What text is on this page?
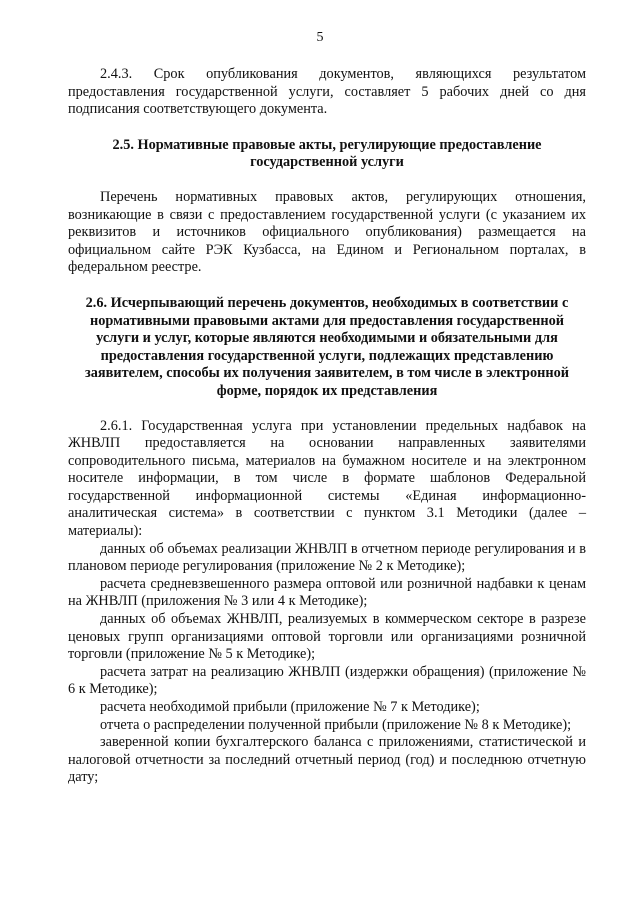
5

2.4.3. Срок опубликования документов, являющихся результатом предоставления государственной услуги, составляет 5 рабочих дней со дня подписания соответствующего документа.

2.5. Нормативные правовые акты, регулирующие предоставление государственной услуги

Перечень нормативных правовых актов, регулирующих отношения, возникающие в связи с предоставлением государственной услуги (с указанием их реквизитов и источников официального опубликования) размещается на официальном сайте РЭК Кузбасса, на Едином и Региональном порталах, в федеральном реестре.

2.6. Исчерпывающий перечень документов, необходимых в соответствии с нормативными правовыми актами для предоставления государственной услуги и услуг, которые являются необходимыми и обязательными для предоставления государственной услуги, подлежащих представлению заявителем, способы их получения заявителем, в том числе в электронной форме, порядок их представления

2.6.1. Государственная услуга при установлении предельных надбавок на ЖНВЛП предоставляется на основании направленных заявителями сопроводительного письма, материалов на бумажном носителе и на электронном носителе информации, в том числе в формате шаблонов Федеральной государственной информационной системы «Единая информационно-аналитическая система» в соответствии с пунктом 3.1 Методики (далее – материалы):

данных об объемах реализации ЖНВЛП в отчетном периоде регулирования и в плановом периоде регулирования (приложение № 2 к Методике);

расчета средневзвешенного размера оптовой или розничной надбавки к ценам на ЖНВЛП (приложения № 3 или 4 к Методике);

данных об объемах ЖНВЛП, реализуемых в коммерческом секторе в разрезе ценовых групп организациями оптовой торговли или организациями розничной торговли (приложение № 5 к Методике);

расчета затрат на реализацию ЖНВЛП (издержки обращения) (приложение № 6 к Методике);

расчета необходимой прибыли (приложение № 7 к Методике);

отчета о распределении полученной прибыли (приложение № 8 к Методике);

заверенной копии бухгалтерского баланса с приложениями, статистической и налоговой отчетности за последний отчетный период (год) и последнюю отчетную дату;
